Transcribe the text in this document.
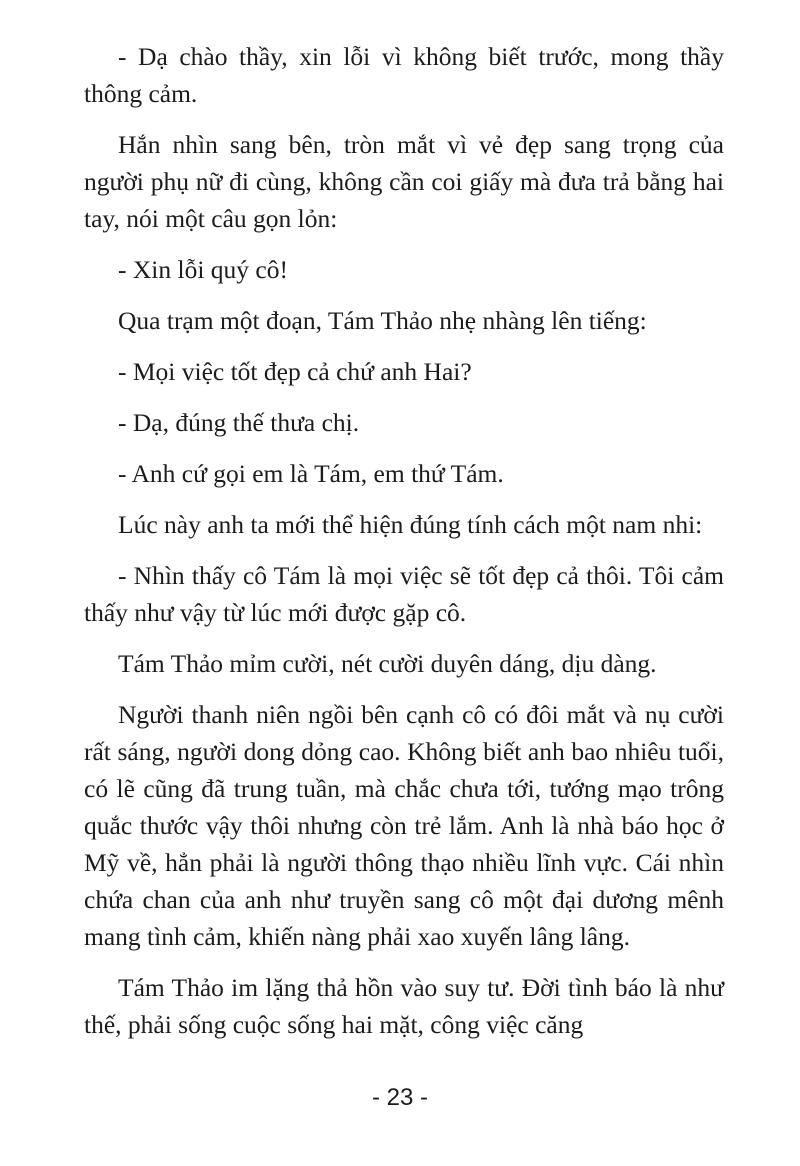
- Dạ chào thầy, xin lỗi vì không biết trước, mong thầy thông cảm.

Hắn nhìn sang bên, tròn mắt vì vẻ đẹp sang trọng của người phụ nữ đi cùng, không cần coi giấy mà đưa trả bằng hai tay, nói một câu gọn lỏn:

- Xin lỗi quý cô!

Qua trạm một đoạn, Tám Thảo nhẹ nhàng lên tiếng:

- Mọi việc tốt đẹp cả chứ anh Hai?

- Dạ, đúng thế thưa chị.

- Anh cứ gọi em là Tám, em thứ Tám.

Lúc này anh ta mới thể hiện đúng tính cách một nam nhi:

- Nhìn thấy cô Tám là mọi việc sẽ tốt đẹp cả thôi. Tôi cảm thấy như vậy từ lúc mới được gặp cô.

Tám Thảo mỉm cười, nét cười duyên dáng, dịu dàng.

Người thanh niên ngồi bên cạnh cô có đôi mắt và nụ cười rất sáng, người dong dỏng cao. Không biết anh bao nhiêu tuổi, có lẽ cũng đã trung tuần, mà chắc chưa tới, tướng mạo trông quắc thước vậy thôi nhưng còn trẻ lắm. Anh là nhà báo học ở Mỹ về, hẳn phải là người thông thạo nhiều lĩnh vực. Cái nhìn chứa chan của anh như truyền sang cô một đại dương mênh mang tình cảm, khiến nàng phải xao xuyến lâng lâng.

Tám Thảo im lặng thả hồn vào suy tư. Đời tình báo là như thế, phải sống cuộc sống hai mặt, công việc căng

- 23 -
